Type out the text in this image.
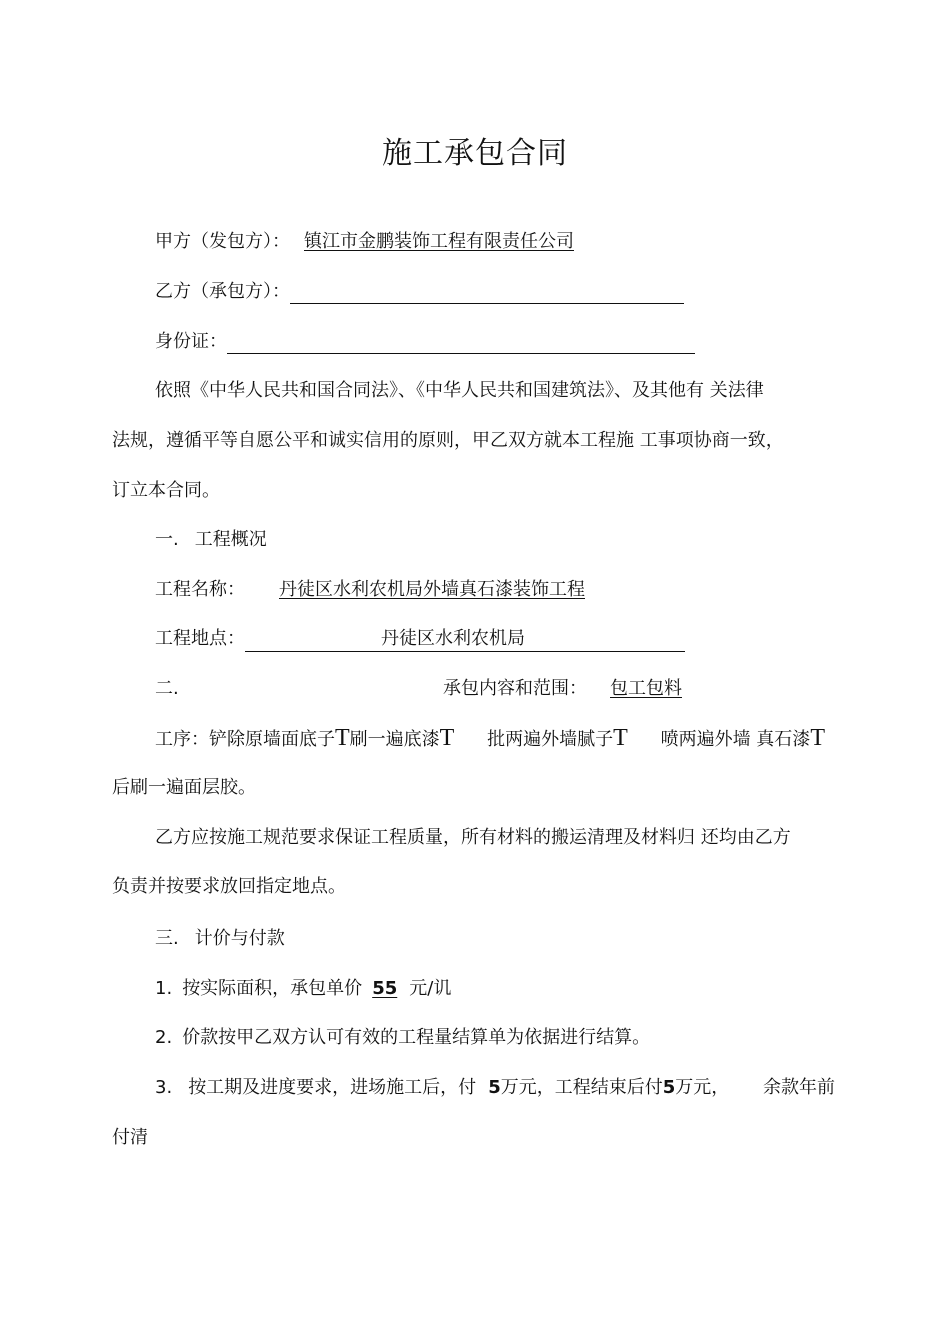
施工承包合同
甲方（发包方）： 镇江市金鹏装饰工程有限责任公司
乙方（承包方）：
身份证：
依照《中华人民共和国合同法》、《中华人民共和国建筑法》、及其他有 关法律
法规，遵循平等自愿公平和诚实信用的原则，甲乙双方就本工程施 工事项协商一致，
订立本合同。
一. 工程概况
工程名称： 丹徒区水利农机局外墙真石漆装饰工程
工程地点：	丹徒区水利农机局
二.	承包内容和范围： 包工包料
工序：铲除原墙面底子T刷一遍底漆T 批两遍外墙腻子T 喷两遍外墙 真石漆T
后刷一遍面层胶。
乙方应按施工规范要求保证工程质量，所有材料的搬运清理及材料归 还均由乙方
负责并按要求放回指定地点。
三. 计价与付款
1. 按实际面积，承包单价 55 元/讥
2. 价款按甲乙双方认可有效的工程量结算单为依据进行结算。
3. 按工期及进度要求，进场施工后，付 5万元，工程结束后付5万元， 余款年前
付清
